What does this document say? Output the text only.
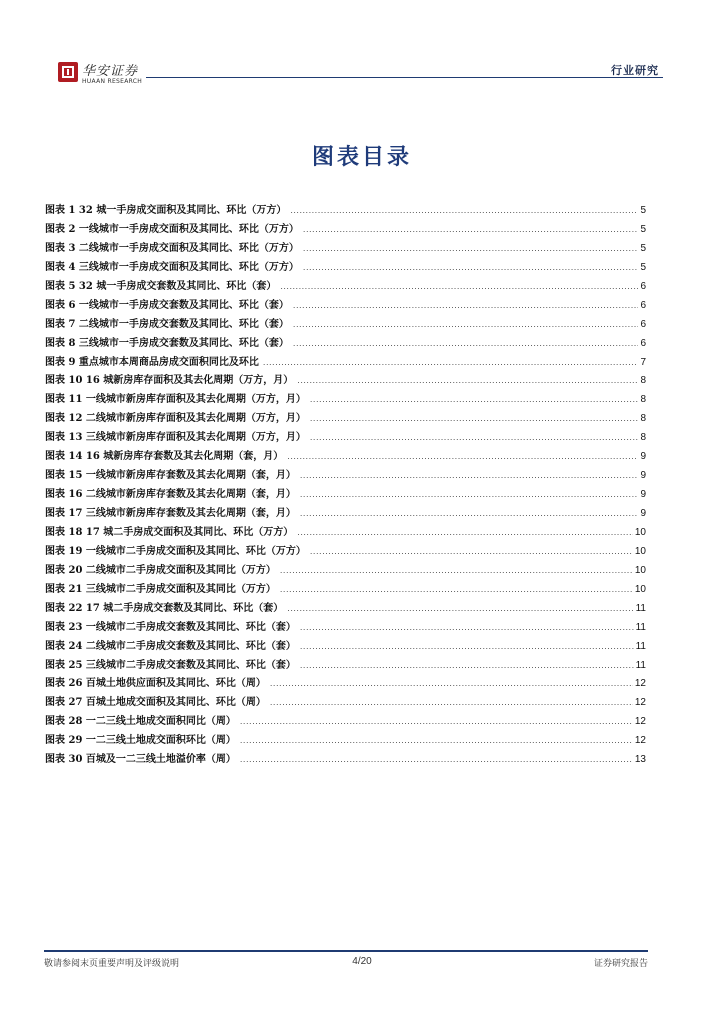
华安证券
HUAAN RESEARCH
行业研究
图表目录
图表 1 32 城一手房成交面积及其同比、环比（万方） .....	5
图表 2 一线城市一手房成交面积及其同比、环比（万方） .....	5
图表 3 二线城市一手房成交面积及其同比、环比（万方） .....	5
图表 4 三线城市一手房成交面积及其同比、环比（万方） .....	5
图表 5 32 城一手房成交套数及其同比、环比（套） .....	6
图表 6 一线城市一手房成交套数及其同比、环比（套） .....	6
图表 7 二线城市一手房成交套数及其同比、环比（套） .....	6
图表 8 三线城市一手房成交套数及其同比、环比（套） .....	6
图表 9 重点城市本周商品房成交面积同比及环比 .....	7
图表 10 16 城新房库存面积及其去化周期（万方，月） .....	8
图表 11 一线城市新房库存面积及其去化周期（万方，月） .....	8
图表 12 二线城市新房库存面积及其去化周期（万方，月） .....	8
图表 13 三线城市新房库存面积及其去化周期（万方，月） .....	8
图表 14 16 城新房库存套数及其去化周期（套，月） .....	9
图表 15 一线城市新房库存套数及其去化周期（套，月） .....	9
图表 16 二线城市新房库存套数及其去化周期（套，月） .....	9
图表 17 三线城市新房库存套数及其去化周期（套，月） .....	9
图表 18 17 城二手房成交面积及其同比、环比（万方） .....	10
图表 19 一线城市二手房成交面积及其同比、环比（万方） .....	10
图表 20 二线城市二手房成交面积及其同比（万方） .....	10
图表 21 三线城市二手房成交面积及其同比（万方） .....	10
图表 22 17 城二手房成交套数及其同比、环比（套） .....	11
图表 23 一线城市二手房成交套数及其同比、环比（套） .....	11
图表 24 二线城市二手房成交套数及其同比、环比（套） .....	11
图表 25 三线城市二手房成交套数及其同比、环比（套） .....	11
图表 26 百城土地供应面积及其同比、环比（周） .....	12
图表 27 百城土地成交面积及其同比、环比（周） .....	12
图表 28 一二三线土地成交面积同比（周） .....	12
图表 29 一二三线土地成交面积环比（周） .....	12
图表 30 百城及一二三线土地溢价率（周） .....	13
敬请参阅末页重要声明及评级说明	4/20	证券研究报告
